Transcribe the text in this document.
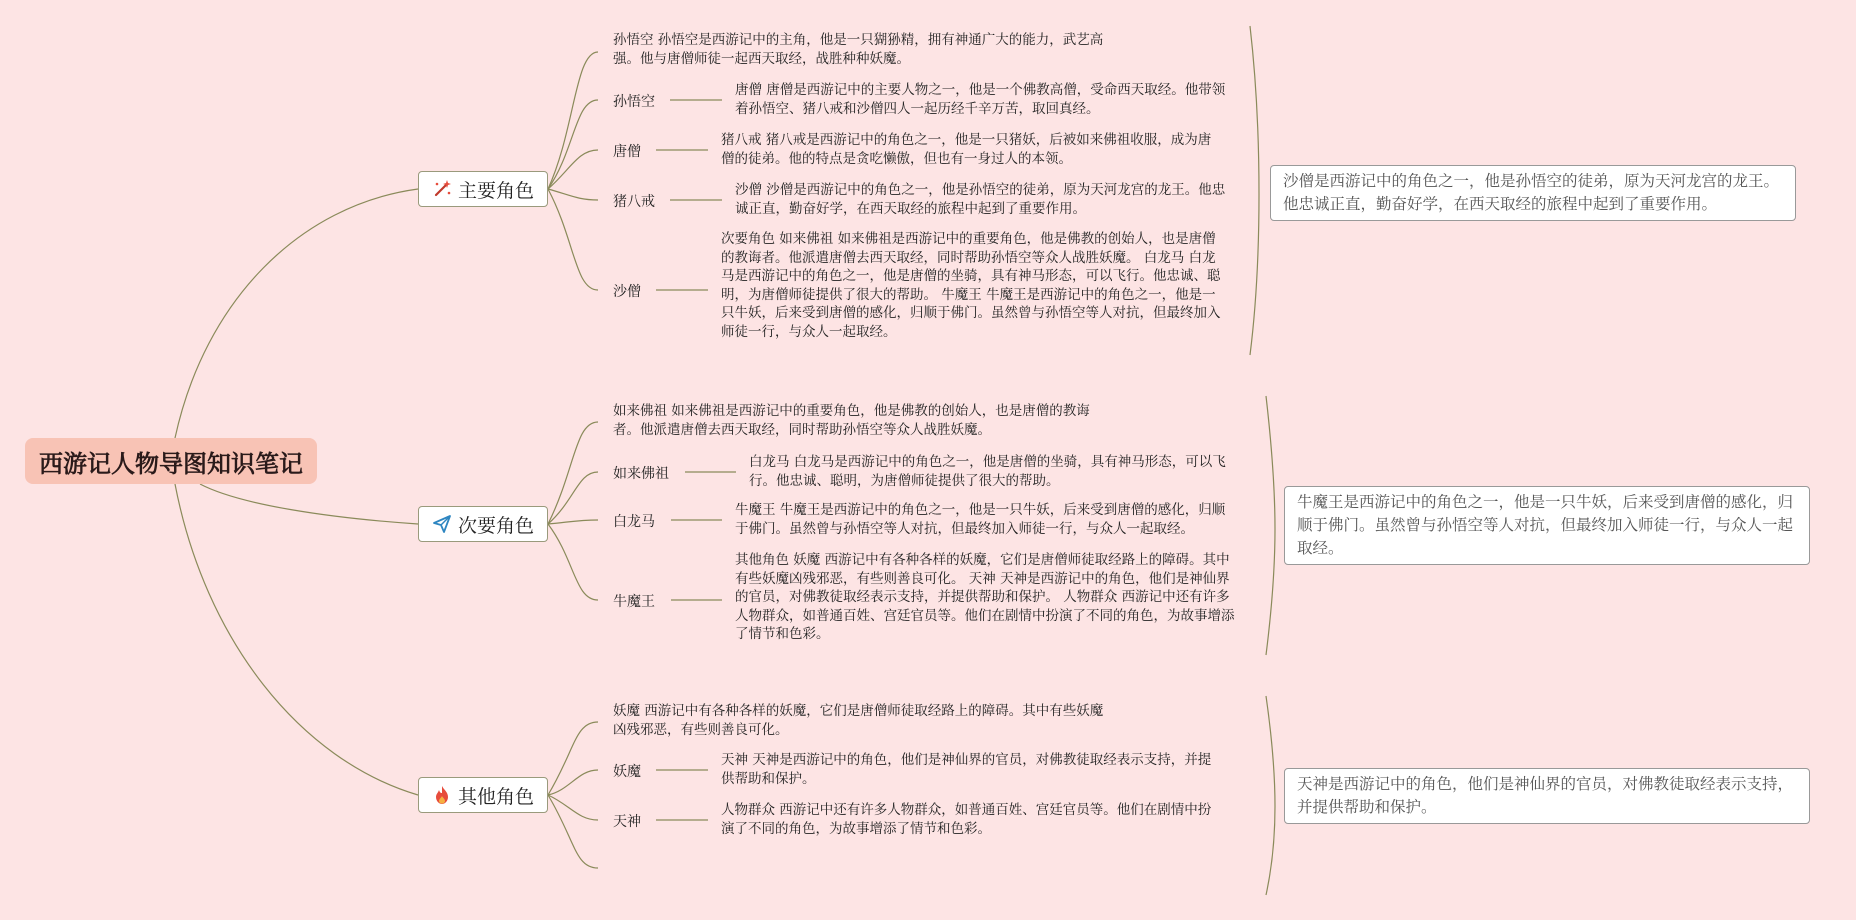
西游记人物导图知识笔记
主要角色
孙悟空 孙悟空是西游记中的主角，他是一只猢狲精，拥有神通广大的能力，武艺高强。他与唐僧师徒一起西天取经，战胜种种妖魔。
孙悟空
唐僧 唐僧是西游记中的主要人物之一，他是一个佛教高僧，受命西天取经。他带领着孙悟空、猪八戒和沙僧四人一起历经千辛万苦，取回真经。
唐僧
猪八戒 猪八戒是西游记中的角色之一，他是一只猪妖，后被如来佛祖收服，成为唐僧的徒弟。他的特点是贪吃懒傲，但也有一身过人的本领。
猪八戒
沙僧 沙僧是西游记中的角色之一，他是孙悟空的徒弟，原为天河龙宫的龙王。他忠诚正直，勤奋好学，在西天取经的旅程中起到了重要作用。
沙僧
次要角色 如来佛祖 如来佛祖是西游记中的重要角色，他是佛教的创始人，也是唐僧的教诲者。他派遣唐僧去西天取经，同时帮助孙悟空等众人战胜妖魔。 白龙马 白龙马是西游记中的角色之一，他是唐僧的坐骑，具有神马形态，可以飞行。他忠诚、聪明，为唐僧师徒提供了很大的帮助。 牛魔王 牛魔王是西游记中的角色之一，他是一只牛妖，后来受到唐僧的感化，归顺于佛门。虽然曾与孙悟空等人对抗，但最终加入师徒一行，与众人一起取经。
沙僧是西游记中的角色之一，他是孙悟空的徒弟，原为天河龙宫的龙王。他忠诚正直，勤奋好学，在西天取经的旅程中起到了重要作用。
次要角色
如来佛祖 如来佛祖是西游记中的重要角色，他是佛教的创始人，也是唐僧的教诲者。他派遣唐僧去西天取经，同时帮助孙悟空等众人战胜妖魔。
如来佛祖
白龙马 白龙马是西游记中的角色之一，他是唐僧的坐骑，具有神马形态，可以飞行。他忠诚、聪明，为唐僧师徒提供了很大的帮助。
白龙马
牛魔王 牛魔王是西游记中的角色之一，他是一只牛妖，后来受到唐僧的感化，归顺于佛门。虽然曾与孙悟空等人对抗，但最终加入师徒一行，与众人一起取经。
牛魔王
其他角色 妖魔 西游记中有各种各样的妖魔，它们是唐僧师徒取经路上的障碍。其中有些妖魔凶残邪恶，有些则善良可化。 天神 天神是西游记中的角色，他们是神仙界的官员，对佛教徒取经表示支持，并提供帮助和保护。 人物群众 西游记中还有许多人物群众，如普通百姓、宫廷官员等。他们在剧情中扮演了不同的角色，为故事增添了情节和色彩。
牛魔王是西游记中的角色之一，他是一只牛妖，后来受到唐僧的感化，归顺于佛门。虽然曾与孙悟空等人对抗，但最终加入师徒一行，与众人一起取经。
其他角色
妖魔 西游记中有各种各样的妖魔，它们是唐僧师徒取经路上的障碍。其中有些妖魔凶残邪恶，有些则善良可化。
妖魔
天神 天神是西游记中的角色，他们是神仙界的官员，对佛教徒取经表示支持，并提供帮助和保护。
天神
人物群众 西游记中还有许多人物群众，如普通百姓、宫廷官员等。他们在剧情中扮演了不同的角色，为故事增添了情节和色彩。
天神是西游记中的角色，他们是神仙界的官员，对佛教徒取经表示支持，并提供帮助和保护。
